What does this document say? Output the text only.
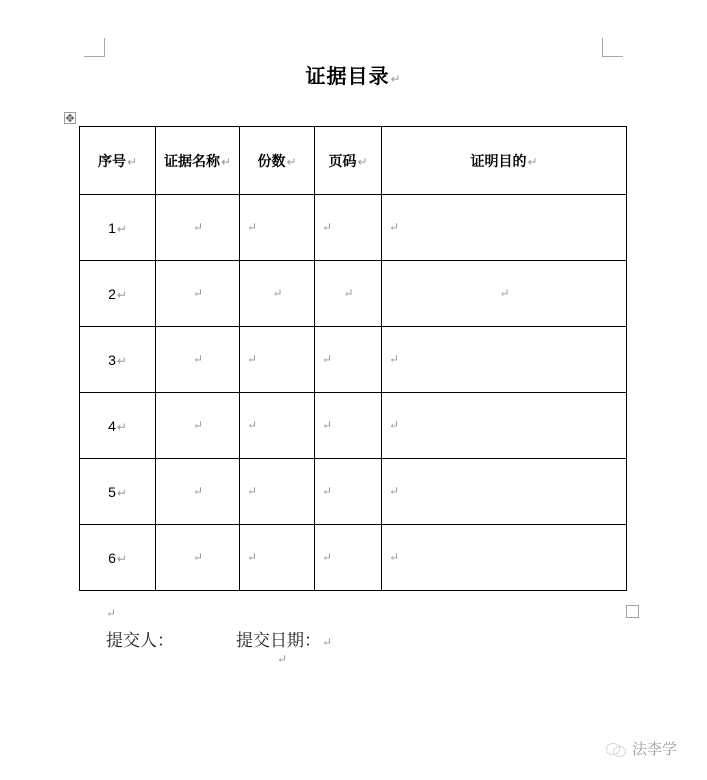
证据目录↵
✥
序号↵	证据名称↵	份数↵	页码↵	证明目的↵
1↵	↵	↵	↵	↵
2↵	↵	↵	↵	↵
3↵	↵	↵	↵	↵
4↵	↵	↵	↵	↵
5↵	↵	↵	↵	↵
6↵	↵	↵	↵	↵
↵
提交人：	提交日期：↵
↵
法李学
